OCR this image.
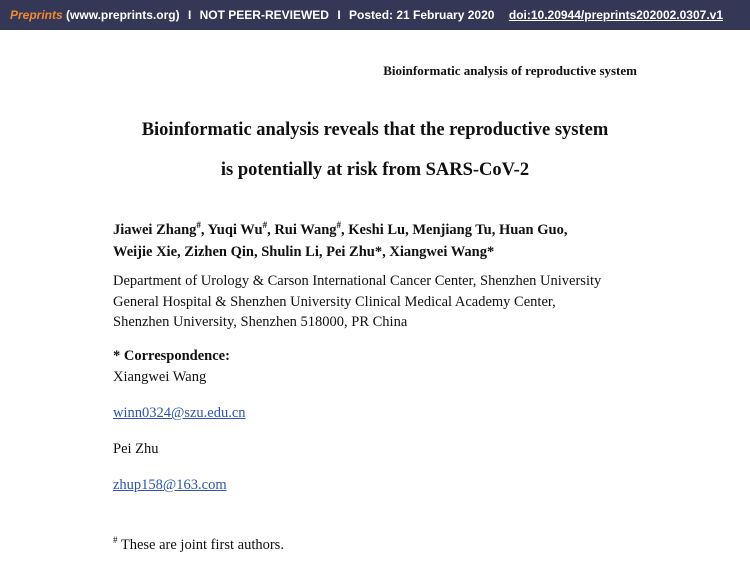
Preprints (www.preprints.org) I NOT PEER-REVIEWED I Posted: 21 February 2020 doi:10.20944/preprints202002.0307.v1
Bioinformatic analysis of reproductive system
Bioinformatic analysis reveals that the reproductive system
is potentially at risk from SARS-CoV-2
Jiawei Zhang#, Yuqi Wu#, Rui Wang#, Keshi Lu, Menjiang Tu, Huan Guo,
Weijie Xie, Zizhen Qin, Shulin Li, Pei Zhu*, Xiangwei Wang*
Department of Urology & Carson International Cancer Center, Shenzhen University
General Hospital & Shenzhen University Clinical Medical Academy Center,
Shenzhen University, Shenzhen 518000, PR China
* Correspondence:
Xiangwei Wang
winn0324@szu.edu.cn
Pei Zhu
zhup158@163.com
# These are joint first authors.
